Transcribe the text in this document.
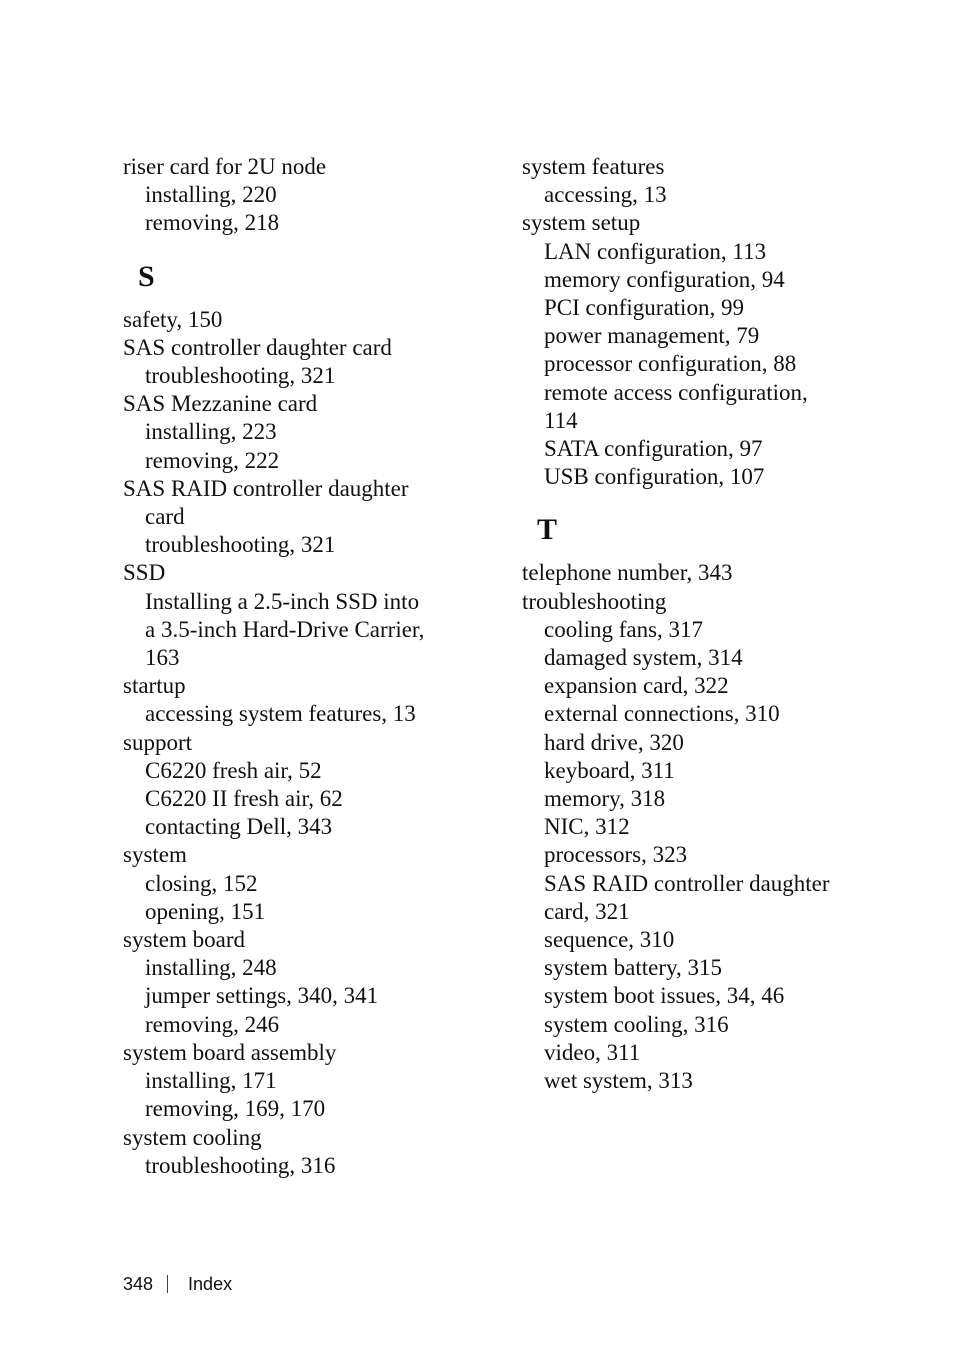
riser card for 2U node
installing, 220
removing, 218
S
safety, 150
SAS controller daughter card
troubleshooting, 321
SAS Mezzanine card
installing, 223
removing, 222
SAS RAID controller daughter
card
troubleshooting, 321
SSD
Installing a 2.5-inch SSD into
a 3.5-inch Hard-Drive Carrier,
163
startup
accessing system features, 13
support
C6220 fresh air, 52
C6220 II fresh air, 62
contacting Dell, 343
system
closing, 152
opening, 151
system board
installing, 248
jumper settings, 340, 341
removing, 246
system board assembly
installing, 171
removing, 169, 170
system cooling
troubleshooting, 316
system features
accessing, 13
system setup
LAN configuration, 113
memory configuration, 94
PCI configuration, 99
power management, 79
processor configuration, 88
remote access configuration,
114
SATA configuration, 97
USB configuration, 107
T
telephone number, 343
troubleshooting
cooling fans, 317
damaged system, 314
expansion card, 322
external connections, 310
hard drive, 320
keyboard, 311
memory, 318
NIC, 312
processors, 323
SAS RAID controller daughter
card, 321
sequence, 310
system battery, 315
system boot issues, 34, 46
system cooling, 316
video, 311
wet system, 313
348 Index
